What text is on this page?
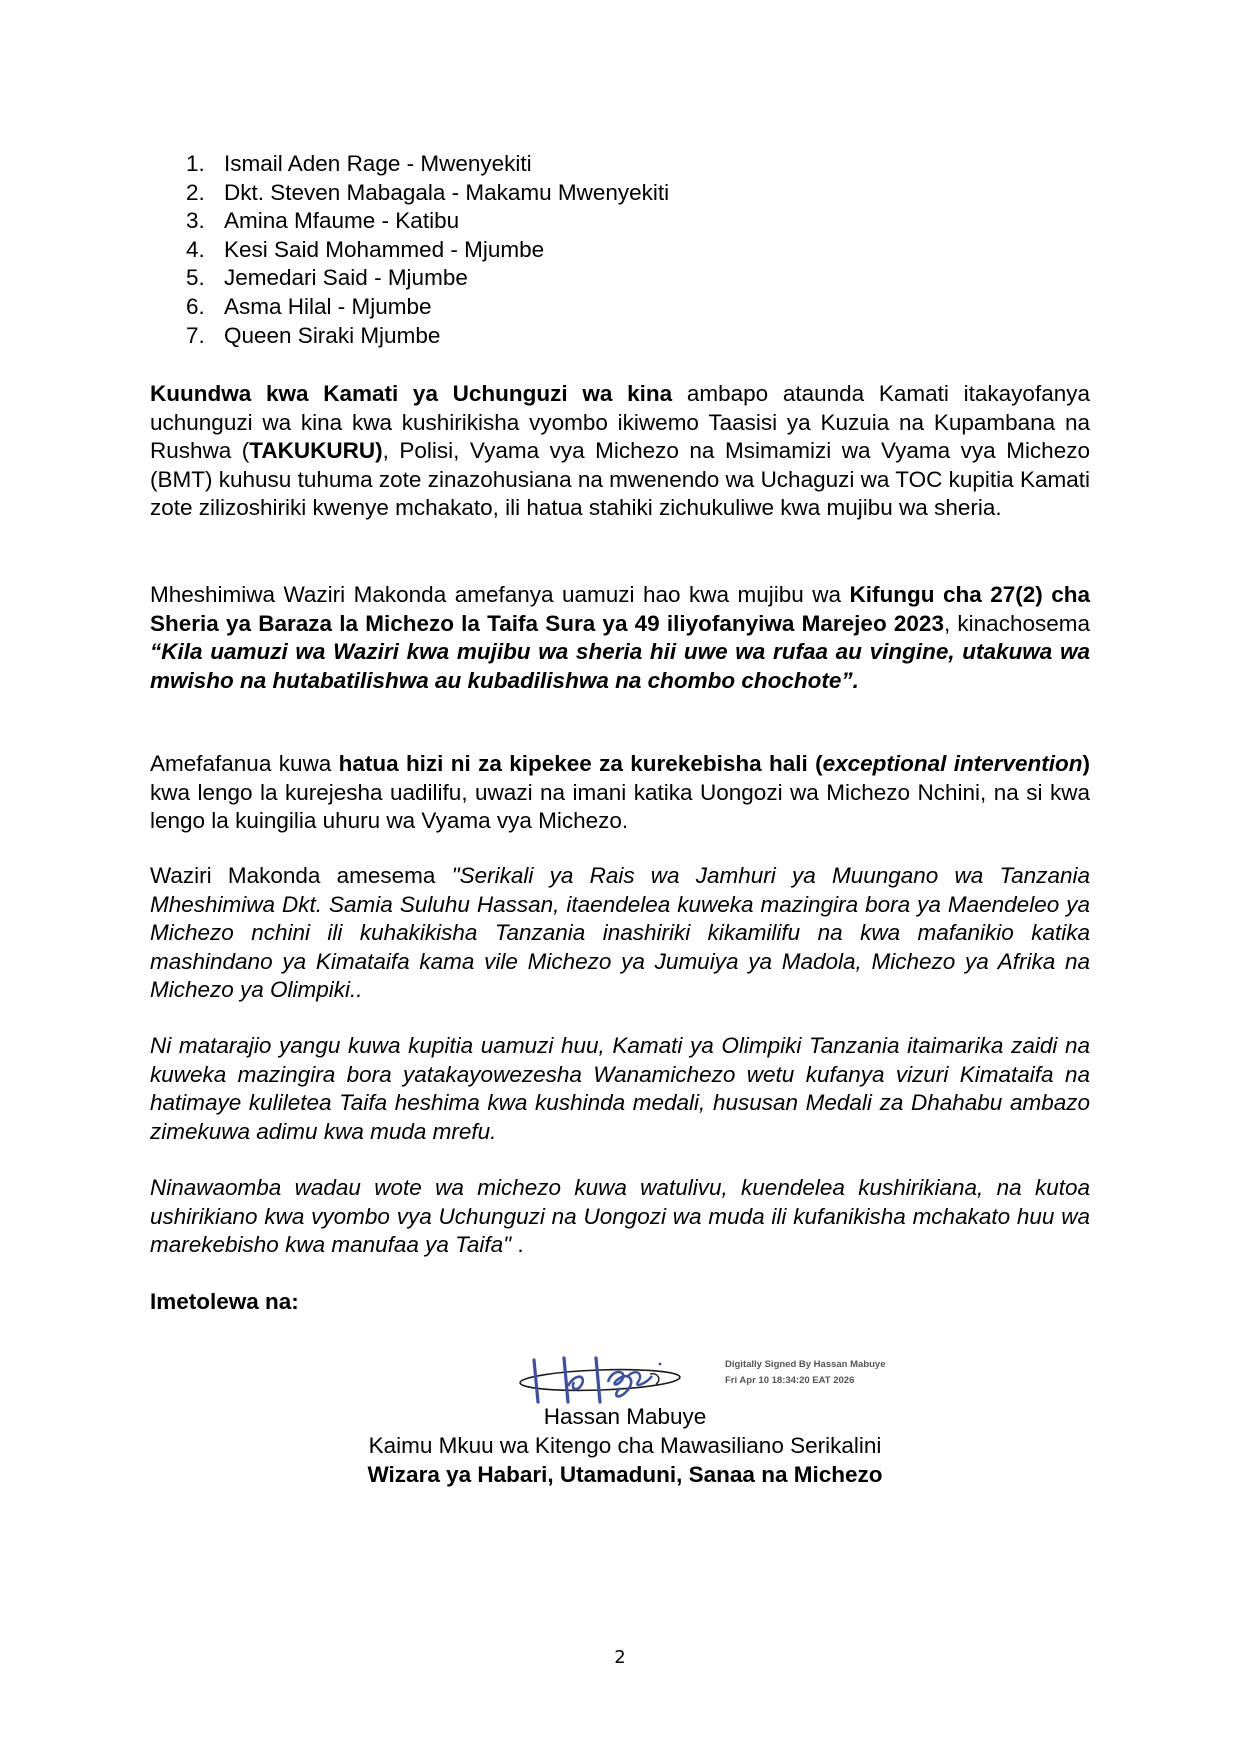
1. Ismail Aden Rage - Mwenyekiti
2. Dkt. Steven Mabagala - Makamu Mwenyekiti
3. Amina Mfaume - Katibu
4. Kesi Said Mohammed - Mjumbe
5. Jemedari Said - Mjumbe
6. Asma Hilal - Mjumbe
7. Queen Siraki Mjumbe

Kuundwa kwa Kamati ya Uchunguzi wa kina ambapo ataunda Kamati itakayofanya uchunguzi wa kina kwa kushirikisha vyombo ikiwemo Taasisi ya Kuzuia na Kupambana na Rushwa (TAKUKURU), Polisi, Vyama vya Michezo na Msimamizi wa Vyama vya Michezo (BMT) kuhusu tuhuma zote zinazohusiana na mwenendo wa Uchaguzi wa TOC kupitia Kamati zote zilizoshiriki kwenye mchakato, ili hatua stahiki zichukuliwe kwa mujibu wa sheria.

Mheshimiwa Waziri Makonda amefanya uamuzi hao kwa mujibu wa Kifungu cha 27(2) cha Sheria ya Baraza la Michezo la Taifa Sura ya 49 iliyofanyiwa Marejeo 2023, kinachosema “Kila uamuzi wa Waziri kwa mujibu wa sheria hii uwe wa rufaa au vingine, utakuwa wa mwisho na hutabatilishwa au kubadilishwa na chombo chochote”.

Amefafanua kuwa hatua hizi ni za kipekee za kurekebisha hali (exceptional intervention) kwa lengo la kurejesha uadilifu, uwazi na imani katika Uongozi wa Michezo Nchini, na si kwa lengo la kuingilia uhuru wa Vyama vya Michezo.

Waziri Makonda amesema "Serikali ya Rais wa Jamhuri ya Muungano wa Tanzania Mheshimiwa Dkt. Samia Suluhu Hassan, itaendelea kuweka mazingira bora ya Maendeleo ya Michezo nchini ili kuhakikisha Tanzania inashiriki kikamilifu na kwa mafanikio katika mashindano ya Kimataifa kama vile Michezo ya Jumuiya ya Madola, Michezo ya Afrika na Michezo ya Olimpiki..

Ni matarajio yangu kuwa kupitia uamuzi huu, Kamati ya Olimpiki Tanzania itaimarika zaidi na kuweka mazingira bora yatakayowezesha Wanamichezo wetu kufanya vizuri Kimataifa na hatimaye kuliletea Taifa heshima kwa kushinda medali, hususan Medali za Dhahabu ambazo zimekuwa adimu kwa muda mrefu.

Ninawaomba wadau wote wa michezo kuwa watulivu, kuendelea kushirikiana, na kutoa ushirikiano kwa vyombo vya Uchunguzi na Uongozi wa muda ili kufanikisha mchakato huu wa marekebisho kwa manufaa ya Taifa" .

Imetolewa na:

Digitally Signed By Hassan Mabuye
Fri Apr 10 18:34:20 EAT 2026

Hassan Mabuye

Kaimu Mkuu wa Kitengo cha Mawasiliano Serikalini

Wizara ya Habari, Utamaduni, Sanaa na Michezo

2
